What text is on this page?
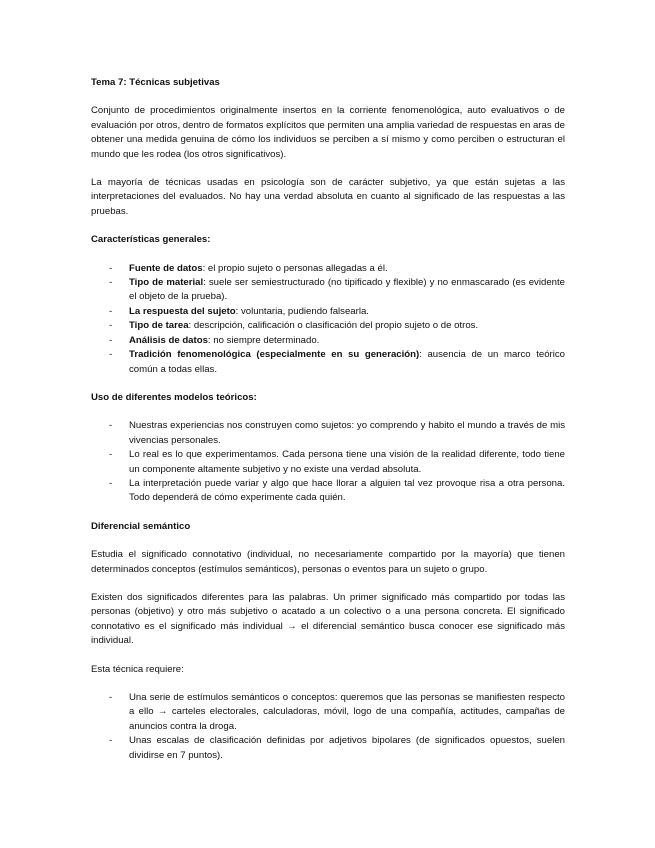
Tema 7: Técnicas subjetivas

Conjunto de procedimientos originalmente insertos en la corriente fenomenológica, auto evaluativos o de evaluación por otros, dentro de formatos explícitos que permiten una amplia variedad de respuestas en aras de obtener una medida genuina de cómo los individuos se perciben a sí mismo y como perciben o estructuran el mundo que les rodea (los otros significativos).

La mayoría de técnicas usadas en psicología son de carácter subjetivo, ya que están sujetas a las interpretaciones del evaluados. No hay una verdad absoluta en cuanto al significado de las respuestas a las pruebas.

Características generales:
- Fuente de datos: el propio sujeto o personas allegadas a él.
- Tipo de material: suele ser semiestructurado (no tipificado y flexible) y no enmascarado (es evidente el objeto de la prueba).
- La respuesta del sujeto: voluntaria, pudiendo falsearla.
- Tipo de tarea: descripción, calificación o clasificación del propio sujeto o de otros.
- Análisis de datos: no siempre determinado.
- Tradición fenomenológica (especialmente en su generación): ausencia de un marco teórico común a todas ellas.
Uso de diferentes modelos teóricos:
- Nuestras experiencias nos construyen como sujetos: yo comprendo y habito el mundo a través de mis vivencias personales.
- Lo real es lo que experimentamos. Cada persona tiene una visión de la realidad diferente, todo tiene un componente altamente subjetivo y no existe una verdad absoluta.
- La interpretación puede variar y algo que hace llorar a alguien tal vez provoque risa a otra persona. Todo dependerá de cómo experimente cada quién.
Diferencial semántico

Estudia el significado connotativo (individual, no necesariamente compartido por la mayoría) que tienen determinados conceptos (estímulos semánticos), personas o eventos para un sujeto o grupo.

Existen dos significados diferentes para las palabras. Un primer significado más compartido por todas las personas (objetivo) y otro más subjetivo o acatado a un colectivo o a una persona concreta. El significado connotativo es el significado más individual → el diferencial semántico busca conocer ese significado más individual.

Esta técnica requiere:

- Una serie de estímulos semánticos o conceptos: queremos que las personas se manifiesten respecto a ello → carteles electorales, calculadoras, móvil, logo de una compañía, actitudes, campañas de anuncios contra la droga.
- Unas escalas de clasificación definidas por adjetivos bipolares (de significados opuestos, suelen dividirse en 7 puntos).
